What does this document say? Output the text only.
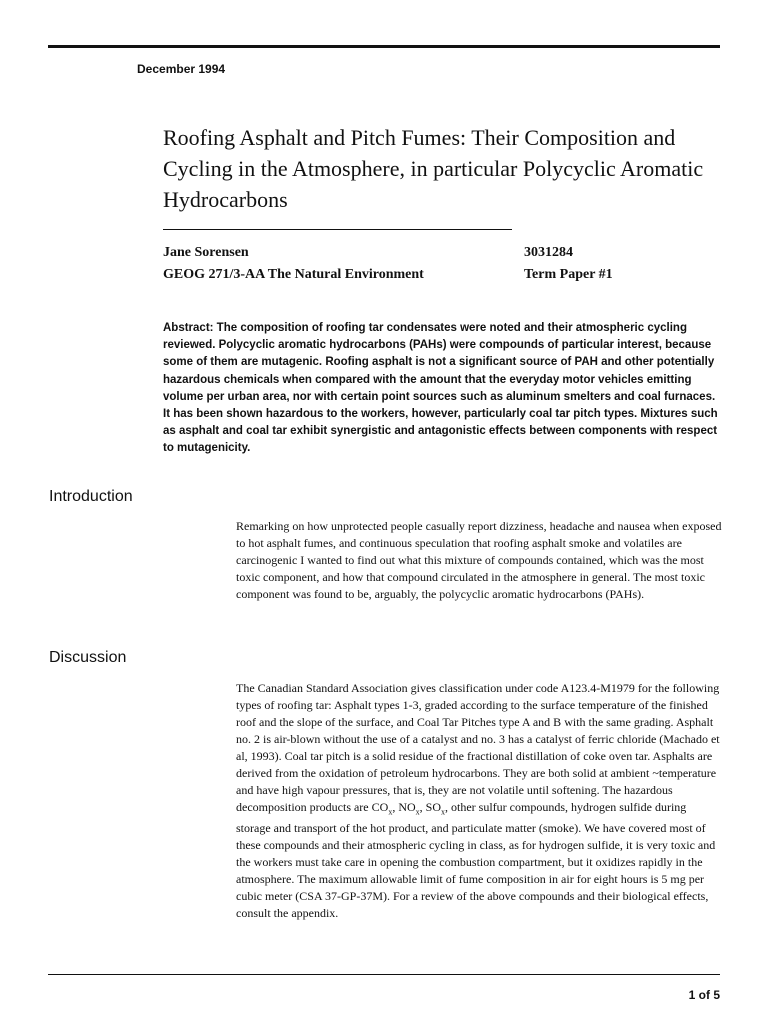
December 1994
Roofing Asphalt and Pitch Fumes: Their Composition and Cycling in the Atmosphere, in particular Polycyclic Aromatic Hydrocarbons
Jane Sorensen	3031284
GEOG 271/3-AA The Natural Environment	Term Paper #1
Abstract: The composition of roofing tar condensates were noted and their atmospheric cycling reviewed. Polycyclic aromatic hydrocarbons (PAHs) were compounds of particular interest, because some of them are mutagenic. Roofing asphalt is not a significant source of PAH and other potentially hazardous chemicals when compared with the amount that the everyday motor vehicles emitting volume per urban area, nor with certain point sources such as aluminum smelters and coal furnaces. It has been shown hazardous to the workers, however, particularly coal tar pitch types. Mixtures such as asphalt and coal tar exhibit synergistic and antagonistic effects between components with respect to mutagenicity.
Introduction
Remarking on how unprotected people casually report dizziness, headache and nausea when exposed to hot asphalt fumes, and continuous speculation that roofing asphalt smoke and volatiles are carcinogenic I wanted to find out what this mixture of compounds contained, which was the most toxic component, and how that compound circulated in the atmosphere in general. The most toxic component was found to be, arguably, the polycyclic aromatic hydrocarbons (PAHs).
Discussion
The Canadian Standard Association gives classification under code A123.4-M1979 for the following types of roofing tar: Asphalt types 1-3, graded according to the surface temperature of the finished roof and the slope of the surface, and Coal Tar Pitches type A and B with the same grading. Asphalt no. 2 is air-blown without the use of a catalyst and no. 3 has a catalyst of ferric chloride (Machado et al, 1993). Coal tar pitch is a solid residue of the fractional distillation of coke oven tar. Asphalts are derived from the oxidation of petroleum hydrocarbons. They are both solid at ambient ~temperature and have high vapour pressures, that is, they are not volatile until softening. The hazardous decomposition products are $CO_x$, $NO_x$, $SO_x$, other sulfur compounds, hydrogen sulfide during storage and transport of the hot product, and particulate matter (smoke). We have covered most of these compounds and their atmospheric cycling in class, as for hydrogen sulfide, it is very toxic and the workers must take care in opening the combustion compartment, but it oxidizes rapidly in the atmosphere. The maximum allowable limit of fume composition in air for eight hours is 5 mg per cubic meter (CSA 37-GP-37M). For a review of the above compounds and their biological effects, consult the appendix.
1 of 5
